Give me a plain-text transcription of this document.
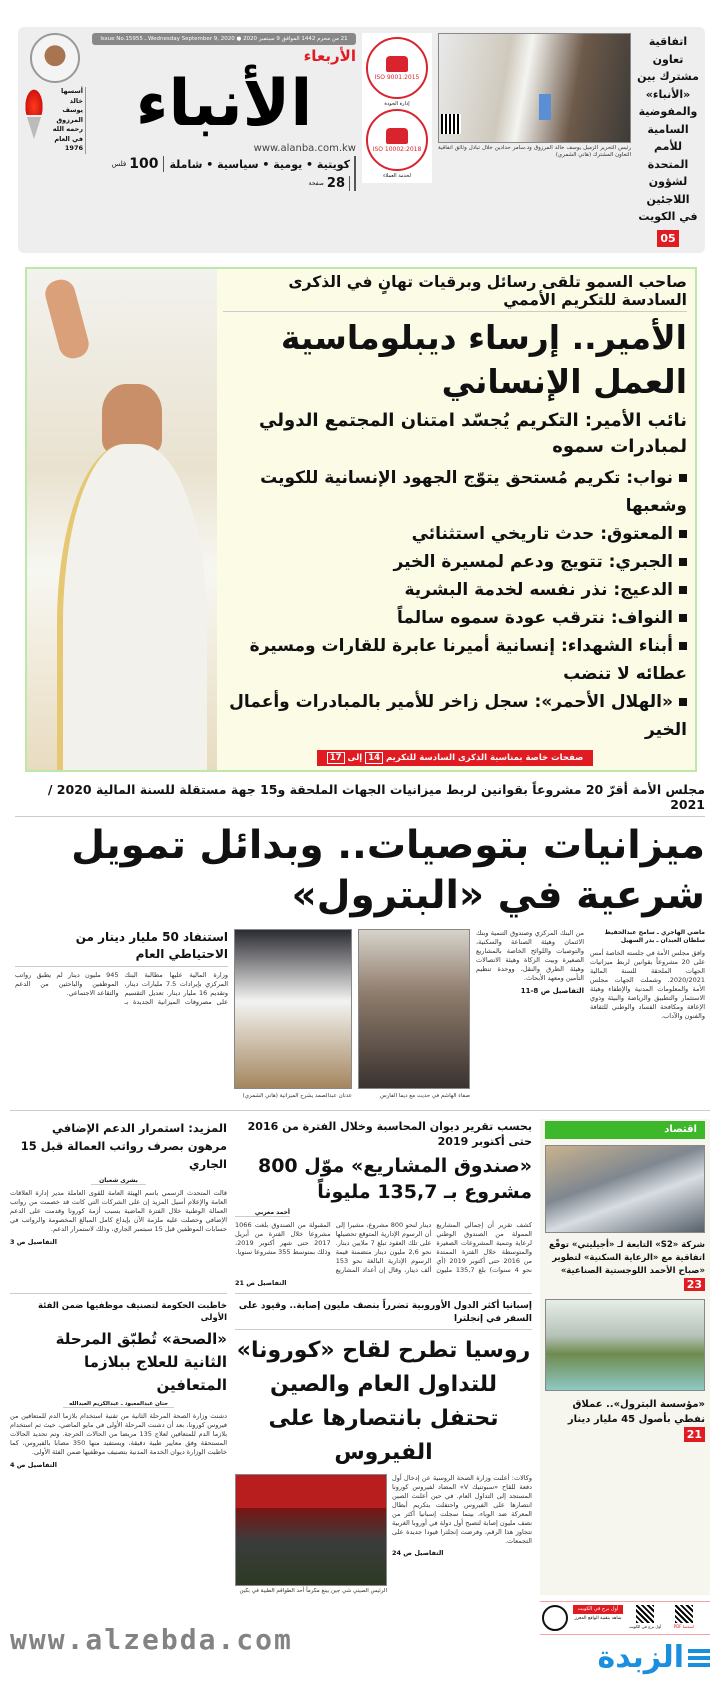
اتفاقية تعاون مشترك بين «الأنباء» والمفوضية السامية للأمم المتحدة لشؤون اللاجئين في الكويت
05
رئيس التحرير الزميل يوسف خالد المرزوق ود.سامر حدادين خلال تبادل وثائق اتفاقية التعاون المشترك (هاني الشمري)
ISO 9001:2015
إدارة الجودة
ISO 10002:2018
لخدمة العملاء
21 من محرم 1442 الموافق 9 سبتمبر 2020 ● Wednesday September 9, 2020 ـ Issue No.15955
الأربعاء
الأنباء
www.alanba.com.kw
كويتية • يومية • سياسية • شاملة
100
فلس
28
صفحة
أسسها
خالد يوسف
المرزوق
رحمه الله
في العام
1976
صاحب السمو تلقى رسائل وبرقيات تهانٍ في الذكرى السادسة للتكريم الأممي
الأمير.. إرساء ديبلوماسية العمل الإنساني
نائب الأمير: التكريم يُجسّد امتنان المجتمع الدولي لمبادرات سموه
نواب: تكريم مُستحق يتوّج الجهود الإنسانية للكويت وشعبها
المعتوق: حدث تاريخي استثنائي
الجبري: تتويج ودعم لمسيرة الخير
الدعيج: نذر نفسه لخدمة البشرية
النواف: نترقب عودة سموه سالماً
أبناء الشهداء: إنسانية أميرنا عابرة للقارات ومسيرة عطائه لا تنضب
«الهلال الأحمر»: سجل زاخر للأمير بالمبادرات وأعمال الخير
صفحات خاصة بمناسبة الذكرى السادسة للتكريم 14 إلى 17
مجلس الأمة أقرّ 20 مشروعاً بقوانين لربط ميزانيات الجهات الملحقة و15 جهة مستقلة للسنة المالية 2020 / 2021
ميزانيات بتوصيات.. وبدائل تمويل شرعية في «البترول»
ماضي الهاجري ـ سامح عبدالحفيظ سلطان العبدان ـ بدر السهيل
وافق مجلس الأمة في جلسته الخاصة أمس على 20 مشروعاً بقوانين لربط ميزانيات الجهات الملحقة للسنة المالية 2020/2021. وشملت الجهات مجلس الأمة والمعلومات المدنية والإطفاء وهيئة الاستثمار والتطبيق والرياضة والبيئة وذوي الإعاقة ومكافحة الفساد والوطني للثقافة والفنون والآداب.
من البنك المركزي وصندوق التنمية وبنك الائتمان وهيئة الصناعة والسكنية، والتوصيات واللوائح الخاصة بالمشاريع الصغيرة وبيت الزكاة وهيئة الاتصالات وهيئة الطرق والنقل، ووحدة تنظيم التأمين ومعهد الأبحاث.
التفاصيل ص 8-11
صفاء الهاشم في حديث مع ديما الفارس
عدنان عبدالصمد يشرح الميزانية (هاني الشمري)
استنفاد 50 مليار دينار من الاحتياطي العام
وزارة المالية عليها مطالبة البنك المركزي بإيرادات 7.5 مليارات دينار، وتقديم 16 مليار دينار. تعديل التقسيم على مصروفات الميزانية الجديدة بـ 945 مليون دينار لم يطبق رواتب الموظفين والباحثين من الدعم والتقاعد الاجتماعي.
اقتصاد
شركة «S2» التابعة لـ «أجيليتي» توقّع اتفاقية مع «الرعاية السكنية» لتطوير «صباح الأحمد اللوجستية الصناعية» 23
«مؤسسة البترول».. عملاق نفطي بأصول 45 مليار دينار 21
بحسب تقرير ديوان المحاسبة وخلال الفترة من 2016 حتى أكتوبر 2019
«صندوق المشاريع» موّل 800 مشروع بـ 135,7 مليوناً
أحمد مغربي
كشف تقرير أن إجمالي المشاريع الممولة من الصندوق الوطني لرعاية وتنمية المشروعات الصغيرة والمتوسطة خلال الفترة الممتدة من 2016 حتى أكتوبر 2019 (أي نحو 4 سنوات) بلغ 135,7 مليون دينار لنحو 800 مشروع، مشيرا إلى أن الرسوم الإدارية المتوقع تحصيلها على تلك العقود تبلغ 7 ملايين دينار. نحو 2,6 مليون دينار متضمنة قيمة الرسوم الإدارية البالغة نحو 153 ألف دينار، وقال إن أعداد المشاريع المقبولة من الصندوق بلغت 1066 مشروعا خلال الفترة من أبريل 2017 حتى شهر أكتوبر 2019، وذلك بمتوسط 355 مشروعا سنويا.
التفاصيل ص 21
المزيد: استمرار الدعم الإضافي مرهون بصرف رواتب العمالة قبل 15 الجاري
بشرى شعبان
قالت المتحدث الرسمي باسم الهيئة العامة للقوى العاملة مدير إدارة العلاقات العامة والإعلام أسيل المزيد إن على الشركات التي كانت قد خصمت من رواتب العمالة الوطنية خلال الفترة الماضية بسبب أزمة كورونا وقدمت على الدعم الإضافي وحصلت عليه ملزمة الآن بإيداع كامل المبالغ المخصومة والرواتب في حسابات الموظفين قبل 15 سبتمبر الجاري، وذلك لاستمرار الدعم.
التفاصيل ص 3
إسبانيا أكثر الدول الأوروبية تضرراً بنصف مليون إصابة.. وقيود على السفر في إنجلترا
روسيا تطرح لقاح «كورونا» للتداول العام والصين تحتفل بانتصارها على الفيروس
وكالات: أعلنت وزارة الصحة الروسية عن إدخال أول دفعة للقاح «سبوتنيك V» المضاد لفيروس كورونا المستجد إلى التداول العام. في حين أعلنت الصين انتصارها على الفيروس واحتفلت بتكريم أبطال المعركة ضد الوباء، بينما سجلت إسبانيا أكثر من نصف مليون إصابة لتصبح أول دولة في أوروبا الغربية تتجاوز هذا الرقم، وفرضت إنجلترا قيودا جديدة على التجمعات.
التفاصيل ص 24
الرئيس الصيني شي جين بينغ مكرماً أحد الطواقم الطبية في بكين
خاطبت الحكومة لتصنيف موظفيها ضمن الفئة الأولى
«الصحة» تُطبّق المرحلة الثانية للعلاج ببلازما المتعافين
حنان عبدالمعبود ـ عبدالكريم العبدالله
دشنت وزارة الصحة المرحلة الثانية من تقنية استخدام بلازما الدم للمتعافين من فيروس كورونا، بعد أن دشنت المرحلة الأولى في مايو الماضي، حيث تم استخدام بلازما الدم للمتعافين لعلاج 135 مريضا من الحالات الحرجة. وتم تحديد الحالات المستحقة وفق معايير طبية دقيقة، ويستفيد منها 350 مصابا بالفيروس، كما خاطبت الوزارة ديوان الخدمة المدنية بتصنيف موظفيها ضمن الفئة الأولى.
التفاصيل ص 4
أول برج في الكويت
شاهد بتقنية الواقع المعزز
أول برج في الكويت	اسمسا PDF
الزبدة
www.alzebda.com
